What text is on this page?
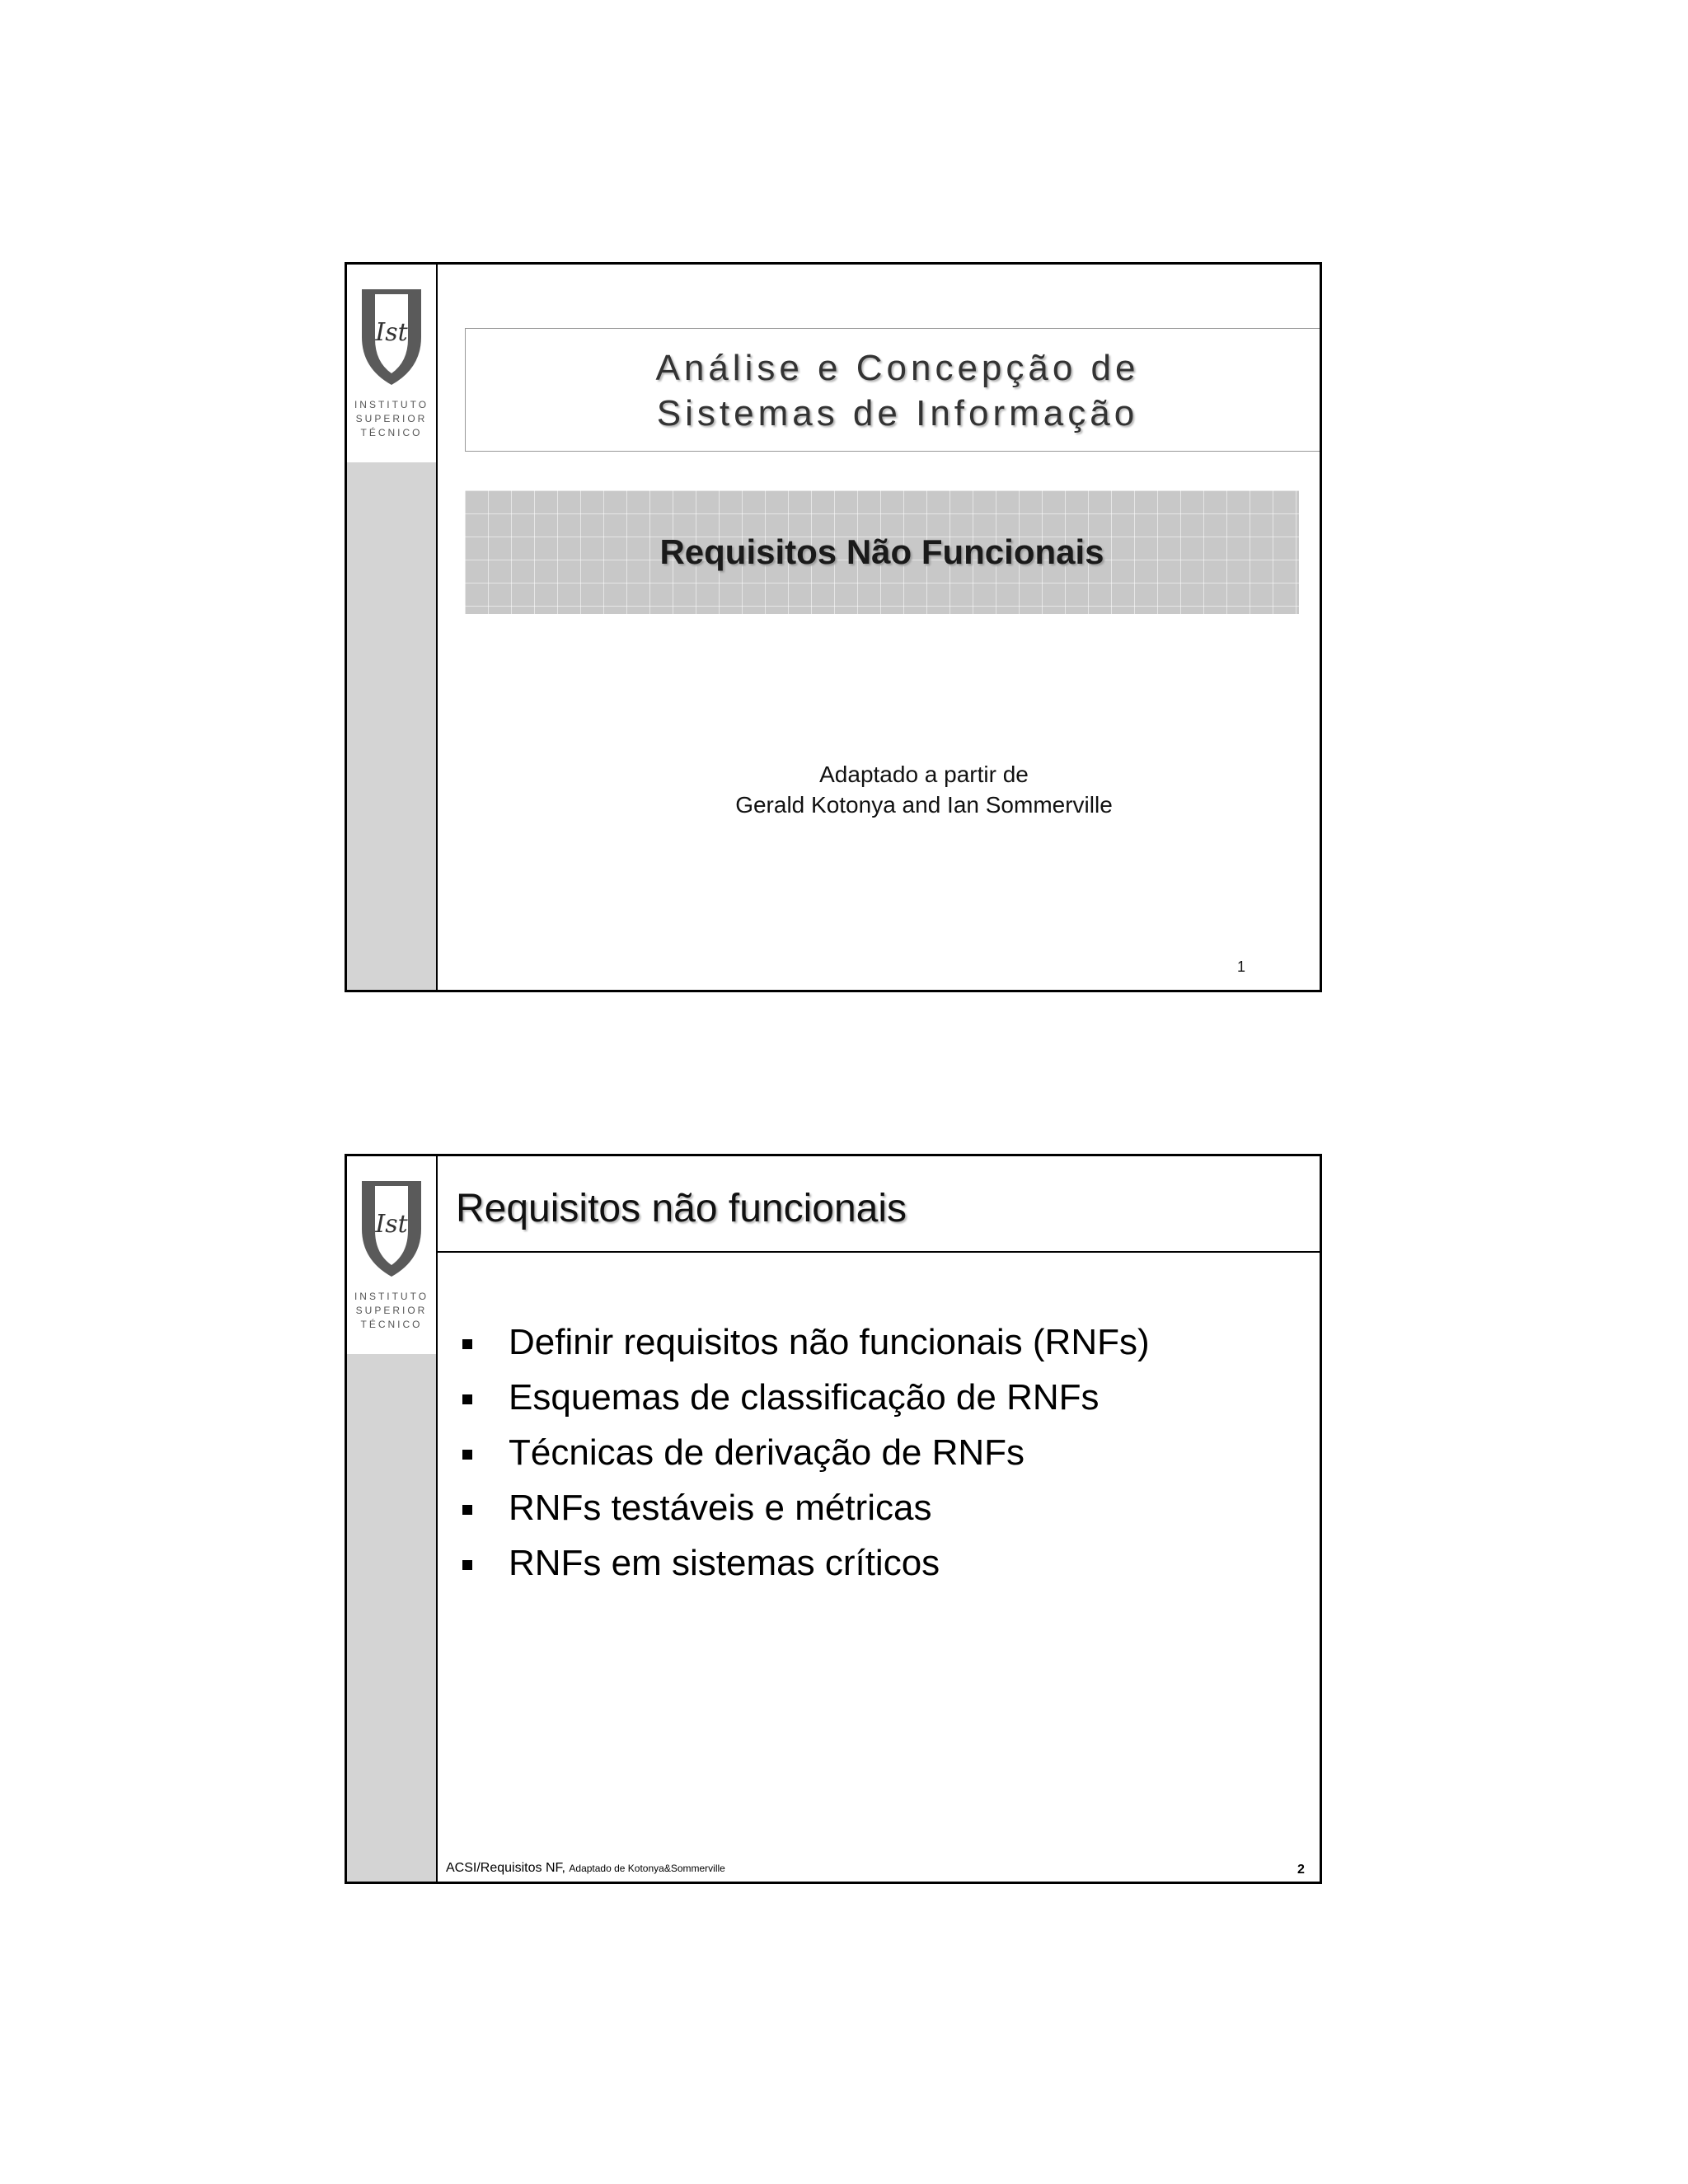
Ist
INSTITUTO
SUPERIOR
TÉCNICO
Análise e Concepção de
Sistemas de Informação
Requisitos Não Funcionais
Adaptado a partir de
Gerald Kotonya and Ian Sommerville
1
Ist
INSTITUTO
SUPERIOR
TÉCNICO
Requisitos não funcionais
Definir requisitos não funcionais (RNFs)
Esquemas de classificação de RNFs
Técnicas de derivação de RNFs
RNFs testáveis e métricas
RNFs em sistemas críticos
ACSI/Requisitos NF, Adaptado de Kotonya&Sommerville	2
